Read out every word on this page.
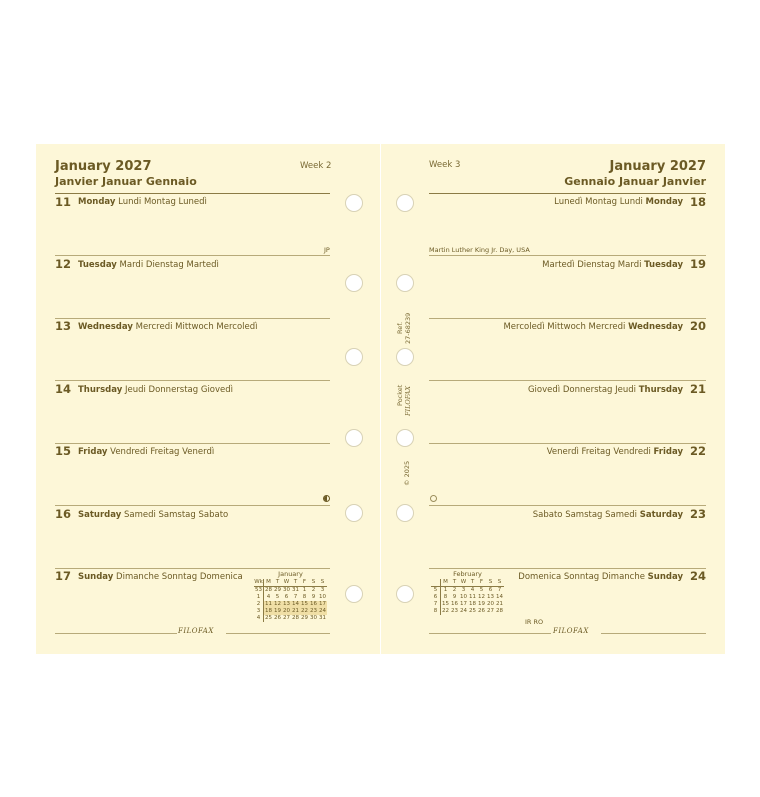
January 2027
Janvier Januar Gennaio
Week 2
11 Monday Lundi Montag Lunedì
JP
12 Tuesday Mardi Dienstag Martedì
13 Wednesday Mercredi Mittwoch Mercoledì
14 Thursday Jeudi Donnerstag Giovedì
15 Friday Vendredi Freitag Venerdì
16 Saturday Samedi Samstag Sabato
17 Sunday Dimanche Sonntag Domenica	January
Wk	M	T	W	T	F	S	S
53	28	29	30	31	1	2	3
1	4	5	6	7	8	9	10
2	11	12	13	14	15	16	17
3	18	19	20	21	22	23	24
4	25	26	27	28	29	30	31
FILOFAX
Ref. 27-68239
Pocket FILOFAX
© 2025
Week 3	January 2027
Gennaio Januar Janvier
18
Lunedì Montag Lundi Monday
Martin Luther King Jr. Day, USA
19
Martedì Dienstag Mardi Tuesday
20
Mercoledì Mittwoch Mercredi Wednesday
21
Giovedì Donnerstag Jeudi Thursday
22
Venerdì Freitag Vendredi Friday
23
Sabato Samstag Samedi Saturday
24
Domenica Sonntag Dimanche Sunday
IR RO
February
	M	T	W	T	F	S	S
5	1	2	3	4	5	6	7
6	8	9	10	11	12	13	14
7	15	16	17	18	19	20	21
8	22	23	24	25	26	27	28
FILOFAX
